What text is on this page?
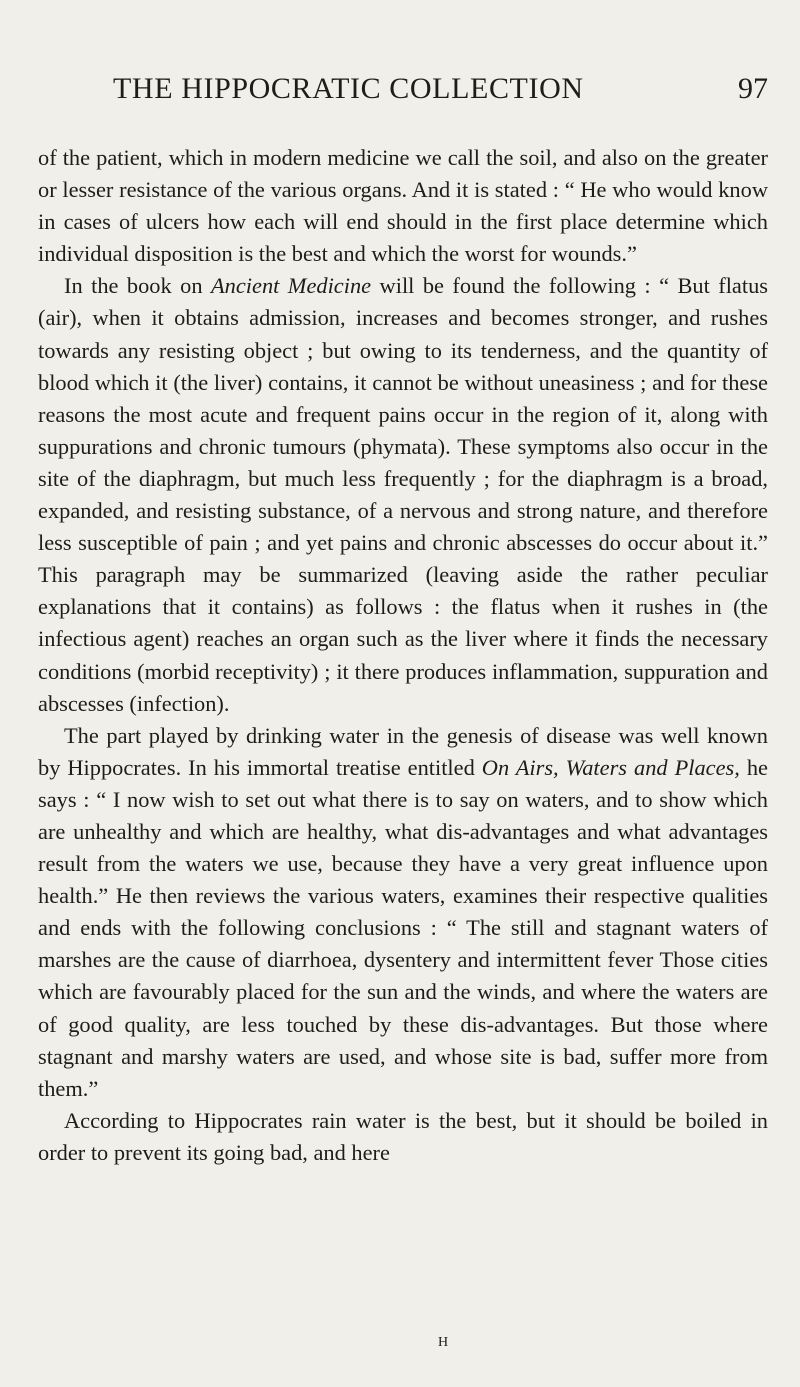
THE HIPPOCRATIC COLLECTION	97

of the patient, which in modern medicine we call the soil, and also on the greater or lesser resistance of the various organs. And it is stated : “ He who would know in cases of ulcers how each will end should in the first place determine which individual disposition is the best and which the worst for wounds.”

In the book on Ancient Medicine will be found the following : “ But flatus (air), when it obtains admission, increases and becomes stronger, and rushes towards any resisting object ; but owing to its tenderness, and the quantity of blood which it (the liver) contains, it cannot be without uneasiness ; and for these reasons the most acute and frequent pains occur in the region of it, along with suppurations and chronic tumours (phymata). These symptoms also occur in the site of the diaphragm, but much less frequently ; for the diaphragm is a broad, expanded, and resisting substance, of a nervous and strong nature, and therefore less susceptible of pain ; and yet pains and chronic abscesses do occur about it.” This paragraph may be summarized (leaving aside the rather peculiar explanations that it contains) as follows : the flatus when it rushes in (the infectious agent) reaches an organ such as the liver where it finds the necessary conditions (morbid receptivity) ; it there produces inflammation, suppuration and abscesses (infection).

The part played by drinking water in the genesis of disease was well known by Hippocrates. In his immortal treatise entitled On Airs, Waters and Places, he says : “ I now wish to set out what there is to say on waters, and to show which are unhealthy and which are healthy, what dis-advantages and what advantages result from the waters we use, because they have a very great influence upon health.” He then reviews the various waters, examines their respective qualities and ends with the following conclusions : “ The still and stagnant waters of marshes are the cause of diarrhoea, dysentery and intermittent fever Those cities which are favourably placed for the sun and the winds, and where the waters are of good quality, are less touched by these dis-advantages. But those where stagnant and marshy waters are used, and whose site is bad, suffer more from them.”

According to Hippocrates rain water is the best, but it should be boiled in order to prevent its going bad, and here

H
